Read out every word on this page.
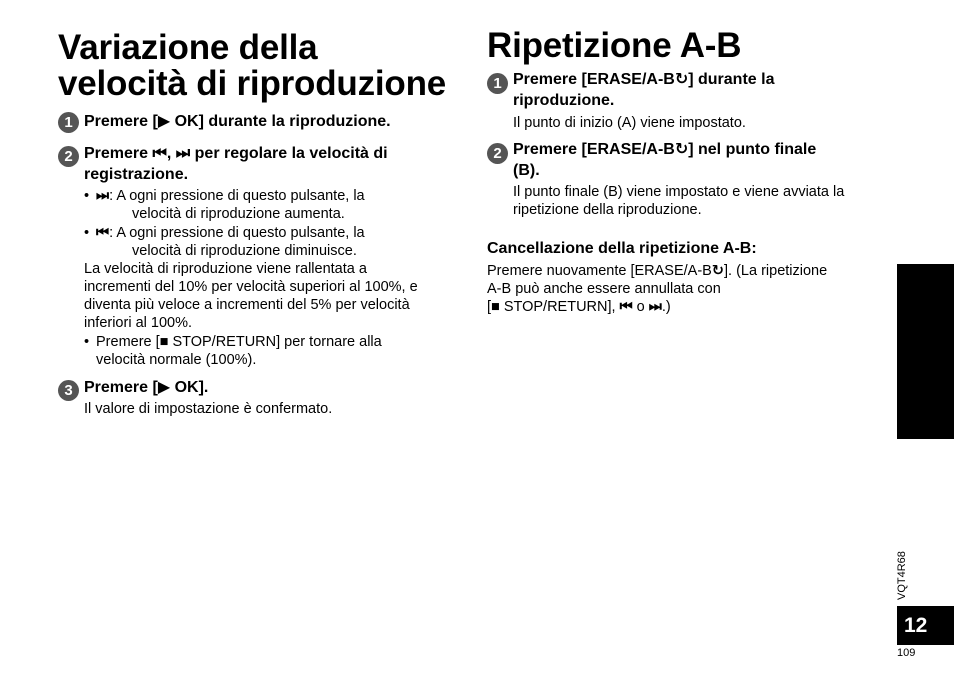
Variazione della
velocità di riproduzione
1 Premere [▶ OK] durante la riproduzione.
2 Premere ⏮, ⏭ per regolare la velocità di
registrazione.
• ⏭: A ogni pressione di questo pulsante, la
velocità di riproduzione aumenta.
• ⏮: A ogni pressione di questo pulsante, la
velocità di riproduzione diminuisce.
La velocità di riproduzione viene rallentata a
incrementi del 10% per velocità superiori al 100%, e
diventa più veloce a incrementi del 5% per velocità
inferiori al 100%.
• Premere [■ STOP/RETURN] per tornare alla
velocità normale (100%).
3 Premere [▶ OK].
Il valore di impostazione è confermato.
Ripetizione A-B
1 Premere [ERASE/A-B↻] durante la
riproduzione.
Il punto di inizio (A) viene impostato.
2 Premere [ERASE/A-B↻] nel punto finale
(B).
Il punto finale (B) viene impostato e viene avviata la
ripetizione della riproduzione.
Cancellazione della ripetizione A-B:
Premere nuovamente [ERASE/A-B↻]. (La ripetizione
A-B può anche essere annullata con
[■ STOP/RETURN], ⏮ o ⏭.)
ITALIANO
VQT4R68
12
109
